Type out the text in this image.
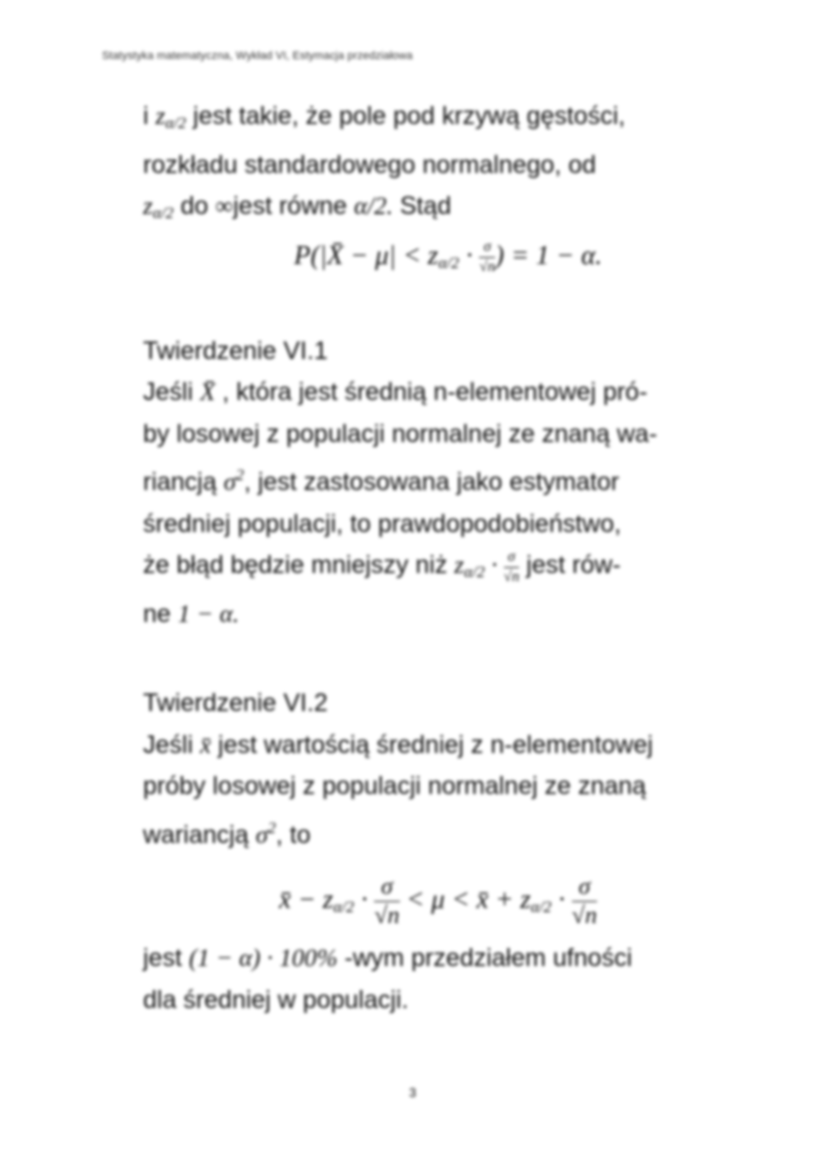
Statystyka matematyczna, Wykład VI, Estymacja przedziałowa
i $z_{\alpha/2}$ jest takie, że pole pod krzywą gęstości,
rozkładu standardowego normalnego, od
$z_{\alpha/2}$ do ∞jest równe α/2. Stąd
P(|X̄ − $\mu| < z_{\alpha/2} \cdot \frac{\sigma}{√n}$ ) = 1 − α.
Twierdzenie VI.1
Jeśli X̄ , która jest średnią n-elementowej pró-
by losowej z populacji normalnej ze znaną wa-
riancją $\sigma^2$, jest zastosowana jako estymator
średniej populacji, to prawdopodobieństwo,
że błąd będzie mniejszy niż $z_{\alpha/2} \cdot \frac{\sigma}{√n}$ jest rów-
ne 1 − α.
Twierdzenie VI.2
Jeśli x̄ jest wartością średniej z n-elementowej
próby losowej z populacji normalnej ze znaną
wariancją $\sigma^2$, to
x̄ − $z_{\alpha/2} \cdot \frac{\sigma}{√n} < \mu$ < x̄ + $z_{\alpha/2} \cdot \frac{\sigma}{√n}$
jest (1 − α) · 100% -wym przedziałem ufności
dla średniej w populacji.
3
